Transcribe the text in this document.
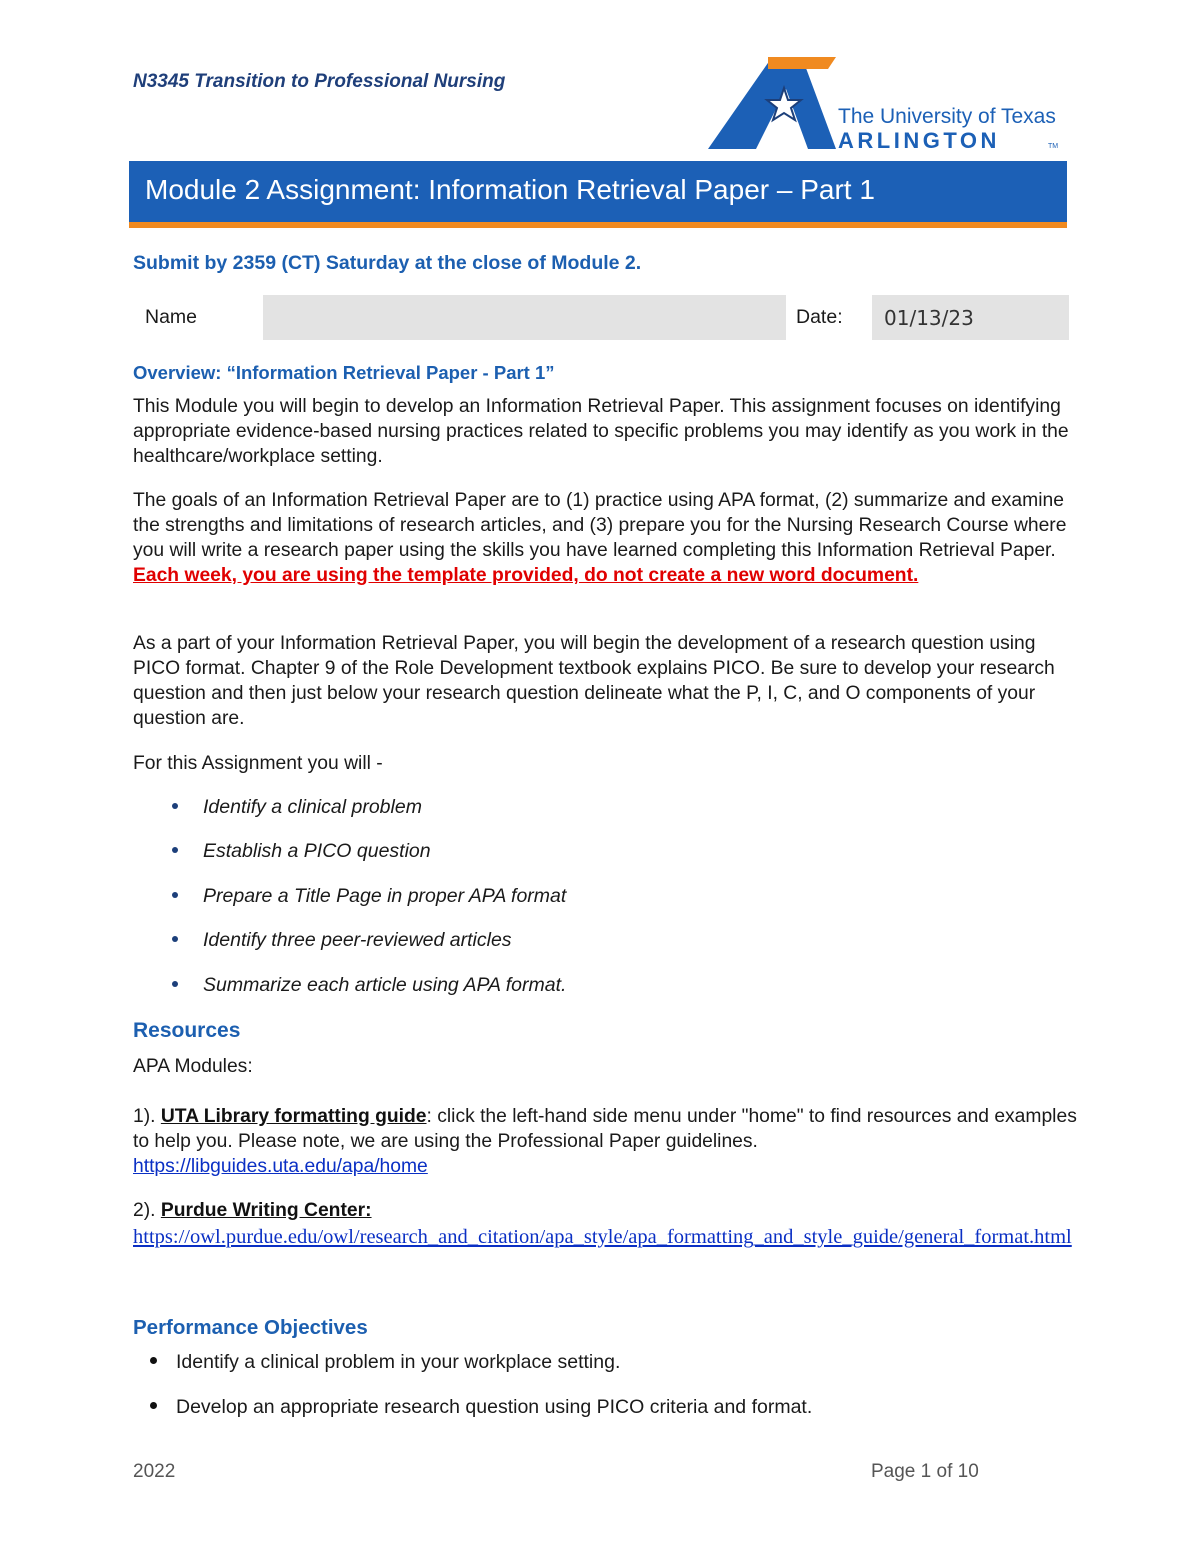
N3345 Transition to Professional Nursing
The University of Texas
ARLINGTON	TM
Module 2 Assignment: Information Retrieval Paper – Part 1
Submit by 2359 (CT) Saturday at the close of Module 2.
Name	Date: 01/13/23
Overview: “Information Retrieval Paper - Part 1”

This Module you will begin to develop an Information Retrieval Paper. This assignment focuses on identifying appropriate evidence-based nursing practices related to specific problems you may identify as you work in the healthcare/workplace setting.

The goals of an Information Retrieval Paper are to (1) practice using APA format, (2) summarize and examine the strengths and limitations of research articles, and (3) prepare you for the Nursing Research Course where you will write a research paper using the skills you have learned completing this Information Retrieval Paper. Each week, you are using the template provided, do not create a new word document.

As a part of your Information Retrieval Paper, you will begin the development of a research question using PICO format. Chapter 9 of the Role Development textbook explains PICO. Be sure to develop your research question and then just below your research question delineate what the P, I, C, and O components of your question are.

For this Assignment you will -

Identify a clinical problem
Establish a PICO question
Prepare a Title Page in proper APA format
Identify three peer-reviewed articles
Summarize each article using APA format.
Resources

APA Modules:

1). UTA Library formatting guide: click the left-hand side menu under "home" to find resources and examples to help you. Please note, we are using the Professional Paper guidelines.
https://libguides.uta.edu/apa/home

2). Purdue Writing Center:

https://owl.purdue.edu/owl/research_and_citation/apa_style/apa_formatting_and_style_guide/general_format.html

Performance Objectives
Identify a clinical problem in your workplace setting.
Develop an appropriate research question using PICO criteria and format.
2022	Page 1 of 10
